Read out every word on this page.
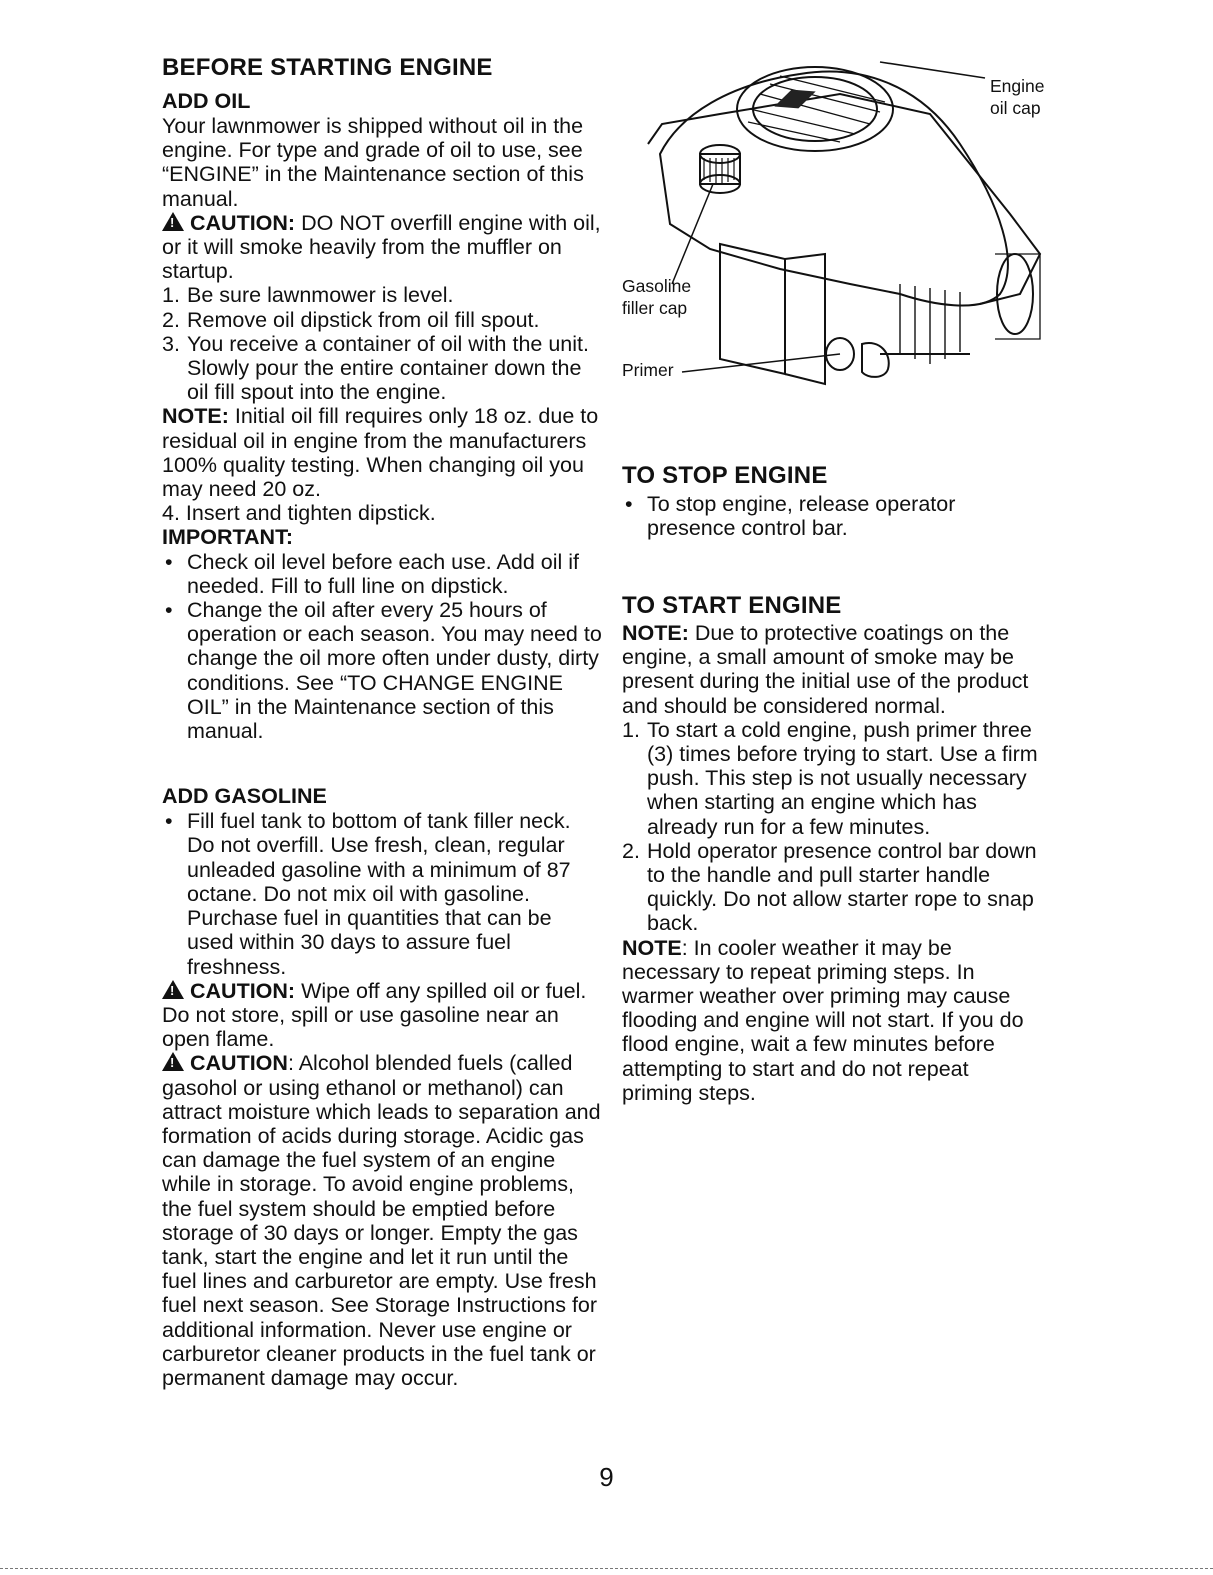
BEFORE STARTING ENGINE
ADD OIL

Your lawnmower is shipped without oil in the engine. For type and grade of oil to use, see “ENGINE” in the Maintenance section of this manual.

!CAUTION: DO NOT overfill engine with oil, or it will smoke heavily from the muffler on startup.

1. Be sure lawnmower is level.
2. Remove oil dipstick from oil fill spout.
3. You receive a container of oil with the unit. Slowly pour the entire container down the oil fill spout into the engine.

NOTE: Initial oil fill requires only 18 oz. due to residual oil in engine from the manufacturers 100% quality testing. When changing oil you may need 20 oz.

4. Insert and tighten dipstick.

IMPORTANT:

• Check oil level before each use. Add oil if needed. Fill to full line on dipstick.
• Change the oil after every 25 hours of operation or each season. You may need to change the oil more often under dusty, dirty conditions. See “TO CHANGE ENGINE OIL” in the Maintenance section of this manual.
ADD GASOLINE
• Fill fuel tank to bottom of tank filler neck. Do not overfill. Use fresh, clean, regular unleaded gasoline with a minimum of 87 octane. Do not mix oil with gasoline. Purchase fuel in quantities that can be used within 30 days to assure fuel freshness.

!CAUTION: Wipe off any spilled oil or fuel. Do not store, spill or use gasoline near an open flame.

!CAUTION: Alcohol blended fuels (called gasohol or using ethanol or methanol) can attract moisture which leads to separation and formation of acids during storage. Acidic gas can damage the fuel system of an engine while in storage. To avoid engine problems, the fuel system should be emptied before storage of 30 days or longer. Empty the gas tank, start the engine and let it run until the fuel lines and carburetor are empty. Use fresh fuel next season. See Storage Instructions for additional information. Never use engine or carburetor cleaner products in the fuel tank or permanent damage may occur.

Engine
oil cap
Gasoline
filler cap
Primer
TO STOP ENGINE
• To stop engine, release operator presence control bar.
TO START ENGINE

NOTE: Due to protective coatings on the engine, a small amount of smoke may be present during the initial use of the product and should be considered normal.

1. To start a cold engine, push primer three (3) times before trying to start. Use a firm push. This step is not usually necessary when starting an engine which has already run for a few minutes.
2. Hold operator presence control bar down to the handle and pull starter handle quickly. Do not allow starter rope to snap back.

NOTE: In cooler weather it may be necessary to repeat priming steps. In warmer weather over priming may cause flooding and engine will not start. If you do flood engine, wait a few minutes before attempting to start and do not repeat priming steps.

9
